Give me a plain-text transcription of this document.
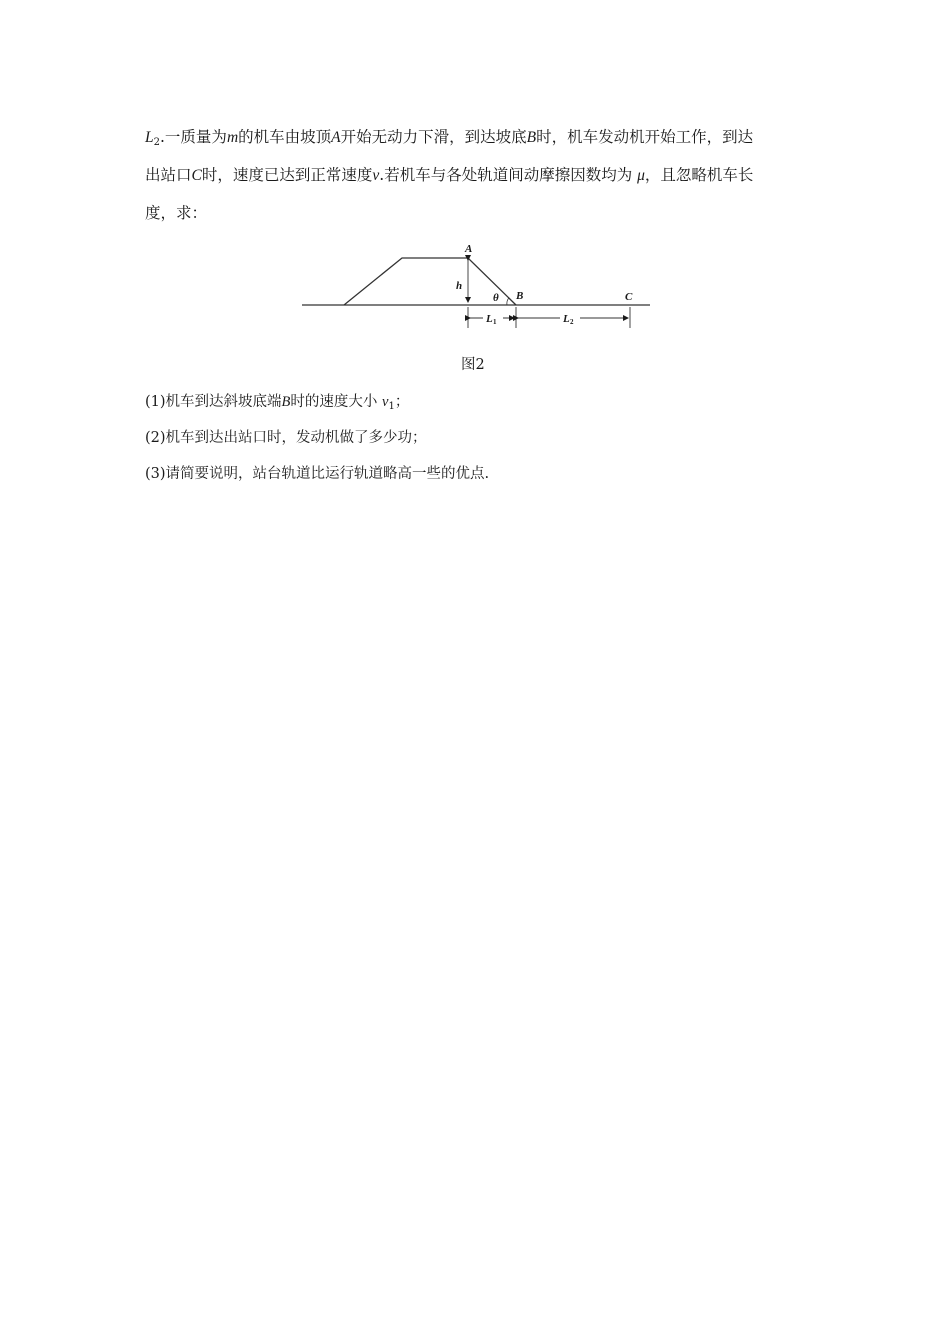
$L_2$.一质量为m的机车由坡顶A开始无动力下滑，到达坡底B时，机车发动机开始工作，到达
出站口C时，速度已达到正常速度v.若机车与各处轨道间动摩擦因数均为 μ，且忽略机车长
度，求：
A
h
θ B	C
L 1	L 2
图2
(1)机车到达斜坡底端B时的速度大小 $v_1$；
(2)机车到达出站口时，发动机做了多少功；
(3)请简要说明，站台轨道比运行轨道略高一些的优点.
